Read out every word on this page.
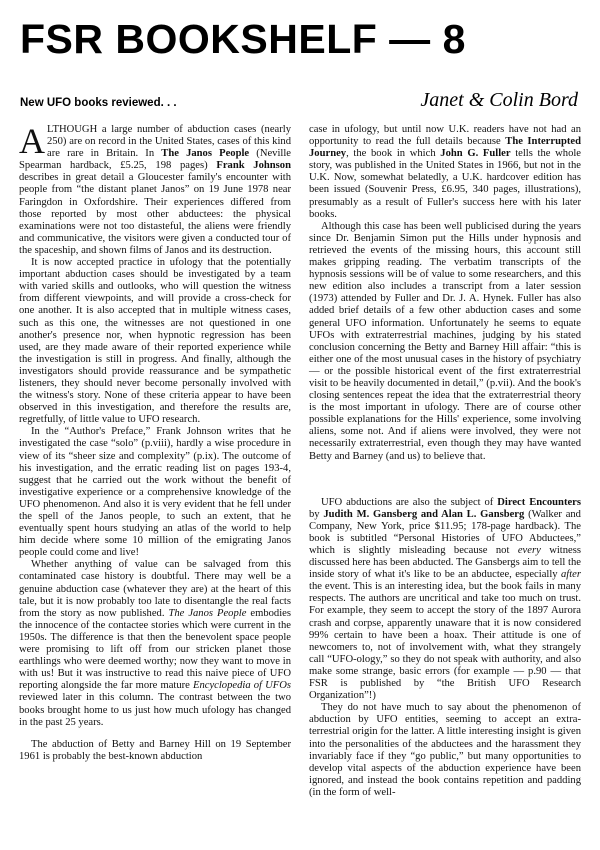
FSR BOOKSHELF — 8
New UFO books reviewed. . .	Janet & Colin Bord

ALTHOUGH a large number of abduction cases (nearly 250) are on record in the United States, cases of this kind are rare in Britain. In The Janos People (Neville Spearman hardback, £5.25, 198 pages) Frank Johnson describes in great detail a Gloucester family's encounter with people from “the distant planet Janos” on 19 June 1978 near Faringdon in Oxfordshire. Their experiences differed from those reported by most other abductees: the physical examinations were not too distasteful, the aliens were friendly and communicative, the visitors were given a conducted tour of the spaceship, and shown films of Janos and its destruction.

It is now accepted practice in ufology that the potentially important abduction cases should be investigated by a team with varied skills and outlooks, who will question the witness from different viewpoints, and will provide a cross-check for one another. It is also accepted that in multiple witness cases, such as this one, the witnesses are not questioned in one another's presence nor, when hypnotic regression has been used, are they made aware of their reported experience while the investigation is still in progress. And finally, although the investigators should provide reassurance and be sympathetic listeners, they should never become personally involved with the witness's story. None of these criteria appear to have been observed in this investigation, and therefore the results are, regretfully, of little value to UFO research.

In the “Author's Preface,” Frank Johnson writes that he investigated the case “solo” (p.viii), hardly a wise procedure in view of its “sheer size and complexity” (p.ix). The outcome of his investigation, and the erratic reading list on pages 193-4, suggest that he carried out the work without the benefit of investigative experience or a comprehensive knowledge of the UFO phenomenon. And also it is very evident that he fell under the spell of the Janos people, to such an extent, that he eventually spent hours studying an atlas of the world to help him decide where some 10 million of the emigrating Janos people could come and live!

Whether anything of value can be salvaged from this contaminated case history is doubtful. There may well be a genuine abduction case (whatever they are) at the heart of this tale, but it is now probably too late to disentangle the real facts from the story as now published. The Janos People embodies the innocence of the contactee stories which were current in the 1950s. The difference is that then the benevolent space people were promising to lift off from our stricken planet those earthlings who were deemed worthy; now they want to move in with us! But it was instructive to read this naive piece of UFO reporting alongside the far more mature Encyclopedia of UFOs reviewed later in this column. The contrast between the two books brought home to us just how much ufology has changed in the past 25 years.

The abduction of Betty and Barney Hill on 19 September 1961 is probably the best-known abduction

case in ufology, but until now U.K. readers have not had an opportunity to read the full details because The Interrupted Journey, the book in which John G. Fuller tells the whole story, was published in the United States in 1966, but not in the U.K. Now, somewhat belatedly, a U.K. hardcover edition has been issued (Souvenir Press, £6.95, 340 pages, illustrations), presumably as a result of Fuller's success here with his later books.

Although this case has been well publicised during the years since Dr. Benjamin Simon put the Hills under hypnosis and retrieved the events of the missing hours, this account still makes gripping reading. The verbatim transcripts of the hypnosis sessions will be of value to some researchers, and this new edition also includes a transcript from a later session (1973) attended by Fuller and Dr. J. A. Hynek. Fuller has also added brief details of a few other abduction cases and some general UFO information. Unfortunately he seems to equate UFOs with extraterrestrial machines, judging by his stated conclusion concerning the Betty and Barney Hill affair: “this is either one of the most unusual cases in the history of psychiatry — or the possible historical event of the first extraterrestrial visit to be heavily documented in detail,” (p.vii). And the book's closing sentences repeat the idea that the extraterrestrial theory is the most important in ufology. There are of course other possible explanations for the Hills' experience, some involving aliens, some not. And if aliens were involved, they were not necessarily extraterrestrial, even though they may have wanted Betty and Barney (and us) to believe that.

UFO abductions are also the subject of Direct Encounters by Judith M. Gansberg and Alan L. Gansberg (Walker and Company, New York, price $11.95; 178-page hardback). The book is subtitled “Personal Histories of UFO Abductees,” which is slightly misleading because not every witness discussed here has been abducted. The Gansbergs aim to tell the inside story of what it's like to be an abductee, especially after the event. This is an interesting idea, but the book fails in many respects. The authors are uncritical and take too much on trust. For example, they seem to accept the story of the 1897 Aurora crash and corpse, apparently unaware that it is now considered 99% certain to have been a hoax. Their attitude is one of newcomers to, not of involvement with, what they strangely call “UFO-ology,” so they do not speak with authority, and also make some strange, basic errors (for example — p.90 — that FSR is published by “the British UFO Research Organization”!)

They do not have much to say about the phenomenon of abduction by UFO entities, seeming to accept an extra-terrestrial origin for the latter. A little interesting insight is given into the personalities of the abductees and the harassment they invariably face if they “go public,” but many opportunities to develop vital aspects of the abduction experience have been ignored, and instead the book contains repetition and padding (in the form of well-
